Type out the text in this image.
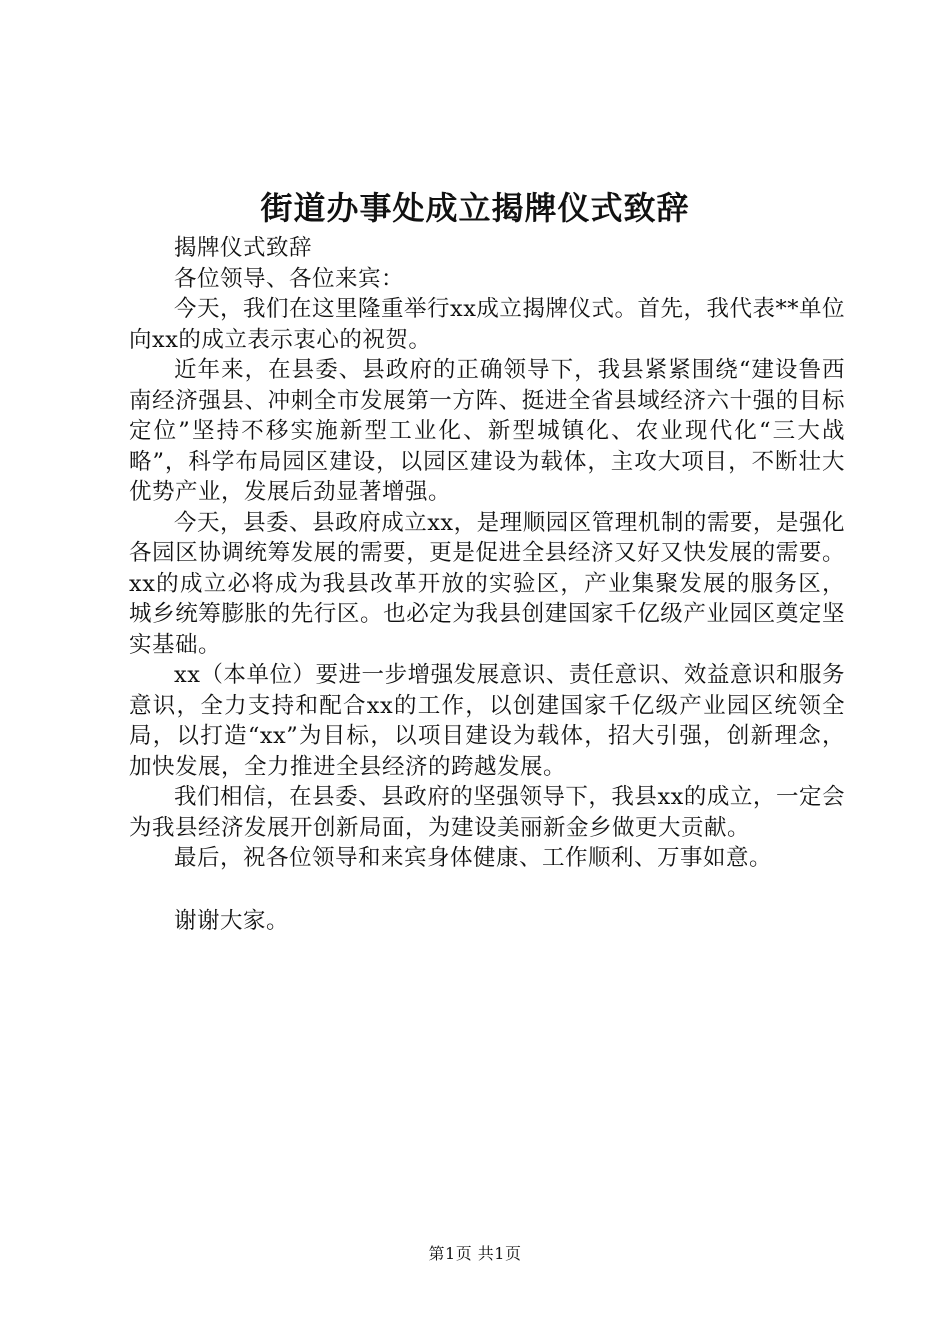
街道办事处成立揭牌仪式致辞

揭牌仪式致辞

各位领导、各位来宾：

今天，我们在这里隆重举行xx成立揭牌仪式。首先，我代表**单位向xx的成立表示衷心的祝贺。

近年来，在县委、县政府的正确领导下，我县紧紧围绕“建设鲁西南经济强县、冲刺全市发展第一方阵、挺进全省县域经济六十强的目标定位”坚持不移实施新型工业化、新型城镇化、农业现代化“三大战略”，科学布局园区建设，以园区建设为载体，主攻大项目，不断壮大优势产业，发展后劲显著增强。

今天，县委、县政府成立xx，是理顺园区管理机制的需要，是强化各园区协调统筹发展的需要，更是促进全县经济又好又快发展的需要。xx的成立必将成为我县改革开放的实验区，产业集聚发展的服务区，城乡统筹膨胀的先行区。也必定为我县创建国家千亿级产业园区奠定坚实基础。

xx（本单位）要进一步增强发展意识、责任意识、效益意识和服务意识，全力支持和配合xx的工作，以创建国家千亿级产业园区统领全局，以打造“xx”为目标，以项目建设为载体，招大引强，创新理念，加快发展，全力推进全县经济的跨越发展。

我们相信，在县委、县政府的坚强领导下，我县xx的成立，一定会为我县经济发展开创新局面，为建设美丽新金乡做更大贡献。

最后，祝各位领导和来宾身体健康、工作顺利、万事如意。

谢谢大家。

第1页 共1页
